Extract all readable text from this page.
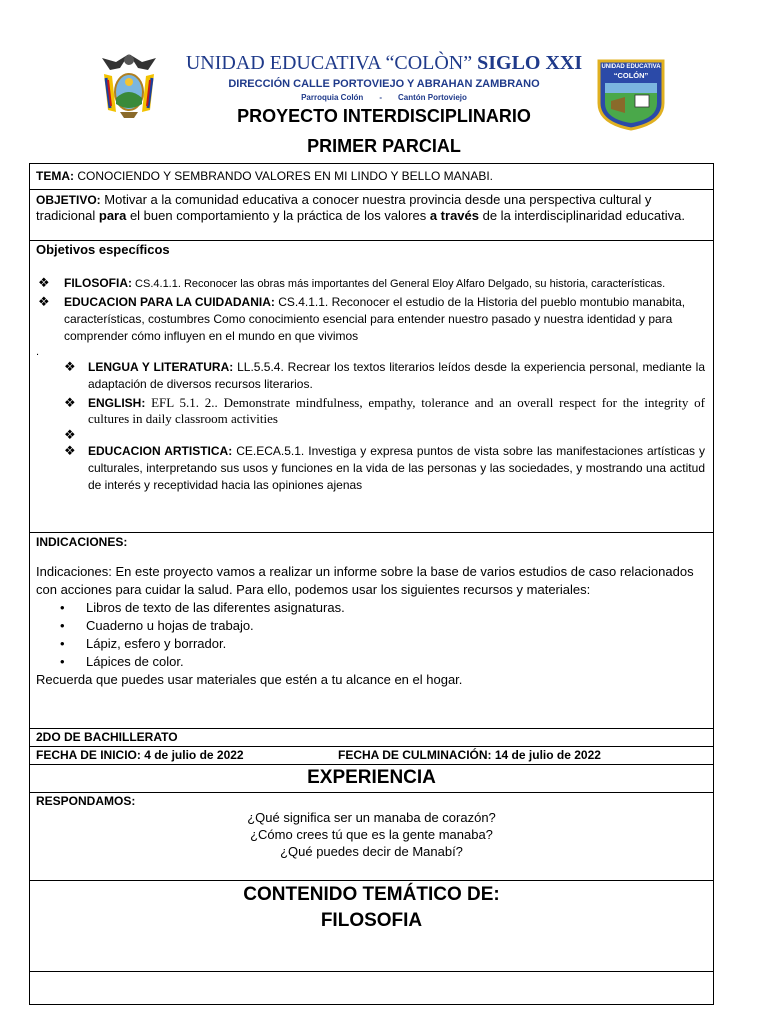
UNIDAD EDUCATIVA
“COLÓN”
UNIDAD EDUCATIVA “COLÒN” SIGLO XXI
DIRECCIÓN CALLE PORTOVIEJO Y ABRAHAN ZAMBRANO
Parroquia Colón - Cantón Portoviejo
PROYECTO INTERDISCIPLINARIO
PRIMER PARCIAL
TEMA: CONOCIENDO Y SEMBRANDO VALORES EN MI LINDO Y BELLO MANABI.
OBJETIVO: Motivar a la comunidad educativa a conocer nuestra provincia desde una perspectiva cultural y tradicional para el buen comportamiento y la práctica de los valores a través de la interdisciplinaridad educativa.
Objetivos específicos
❖ FILOSOFIA: CS.4.1.1. Reconocer las obras más importantes del General Eloy Alfaro Delgado, su historia, características.
❖ EDUCACION PARA LA CUIDADANIA: CS.4.1.1. Reconocer el estudio de la Historia del pueblo montubio manabita, características, costumbres Como conocimiento esencial para entender nuestro pasado y nuestra identidad y para comprender cómo influyen en el mundo en que vivimos
.
❖ LENGUA Y LITERATURA: LL.5.5.4. Recrear los textos literarios leídos desde la experiencia personal, mediante la adaptación de diversos recursos literarios.
❖ ENGLISH: EFL 5.1. 2.. Demonstrate mindfulness, empathy, tolerance and an overall respect for the integrity of cultures in daily classroom activities
❖
❖ EDUCACION ARTISTICA: CE.ECA.5.1. Investiga y expresa puntos de vista sobre las manifestaciones artísticas y culturales, interpretando sus usos y funciones en la vida de las personas y las sociedades, y mostrando una actitud de interés y receptividad hacia las opiniones ajenas
INDICACIONES:
Indicaciones: En este proyecto vamos a realizar un informe sobre la base de varios estudios de caso relacionados con acciones para cuidar la salud. Para ello, podemos usar los siguientes recursos y materiales:
• Libros de texto de las diferentes asignaturas.
• Cuaderno u hojas de trabajo.
• Lápiz, esfero y borrador.
• Lápices de color.
Recuerda que puedes usar materiales que estén a tu alcance en el hogar.
2DO DE BACHILLERATO
FECHA DE INICIO: 4 de julio de 2022	FECHA DE CULMINACIÓN: 14 de julio de 2022
EXPERIENCIA
RESPONDAMOS:
¿Qué significa ser un manaba de corazón?
¿Cómo crees tú que es la gente manaba?
¿Qué puedes decir de Manabí?
CONTENIDO TEMÁTICO DE:
FILOSOFIA
